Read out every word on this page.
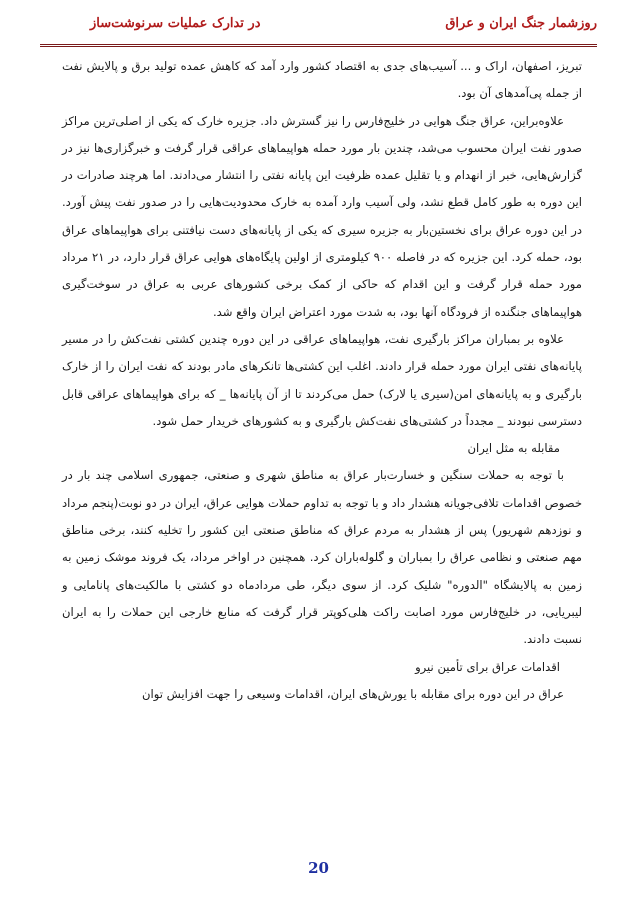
روزشمار جنگ ایران و عراق
در تدارک عملیات سرنوشت‌ساز

تبریز، اصفهان، اراک و ... آسیب‌های جدی به اقتصاد کشور وارد آمد که کاهش عمده تولید برق و پالایش نفت از جمله پی‌آمدهای آن بود.

علاوه‌براین، عراق جنگ هوایی در خلیج‌فارس را نیز گسترش داد. جزیره خارک که یکی از اصلی‌ترین مراکز صدور نفت ایران محسوب می‌شد، چندین بار مورد حمله هواپیماهای عراقی قرار گرفت و خبرگزاری‌ها نیز در گزارش‌هایی، خبر از انهدام و یا تقلیل عمده ظرفیت این پایانه نفتی را انتشار می‌دادند. اما هرچند صادرات در این دوره به طور کامل قطع نشد، ولی آسیب وارد آمده به خارک محدودیت‌هایی را در صدور نفت پیش آورد. در این دوره عراق برای نخستین‌بار به جزیره سیری که یکی از پایانه‌های دست نیافتنی برای هواپیماهای عراق بود، حمله کرد. این جزیره که در فاصله ۹۰۰ کیلومتری از اولین پایگاه‌های هوایی عراق قرار دارد، در ۲۱ مرداد مورد حمله قرار گرفت و این اقدام که حاکی از کمک برخی کشورهای عربی به عراق در سوخت‌گیری هواپیماهای جنگنده از فرودگاه آنها بود، به شدت مورد اعتراض ایران واقع شد.

علاوه بر بمباران مراکز بارگیری نفت، هواپیماهای عراقی در این دوره چندین کشتی نفت‌کش را در مسیر پایانه‌های نفتی ایران مورد حمله قرار دادند. اغلب این کشتی‌ها تانکرهای مادر بودند که نفت ایران را از خارک بارگیری و به پایانه‌های امن(سیری یا لارک) حمل می‌کردند تا از آن پایانه‌ها _ که برای هواپیماهای عراقی قابل دسترسی نبودند _ مجدداً در کشتی‌های نفت‌کش بارگیری و به کشورهای خریدار حمل شود.

مقابله به مثل ایران

با توجه به حملات سنگین و خسارت‌بار عراق به مناطق شهری و صنعتی، جمهوری اسلامی چند بار در خصوص اقدامات تلافی‌جویانه هشدار داد و با توجه به تداوم حملات هوایی عراق، ایران در دو نوبت(پنجم مرداد و نوزدهم شهریور) پس از هشدار به مردم عراق که مناطق صنعتی این کشور را تخلیه کنند، برخی مناطق مهم صنعتی و نظامی عراق را بمباران و گلوله‌باران کرد. همچنین در اواخر مرداد، یک فروند موشک زمین به زمین به پالایشگاه "الدوره" شلیک کرد. از سوی دیگر، طی مردادماه دو کشتی با مالکیت‌های پانامایی و لیبریایی، در خلیج‌فارس مورد اصابت راکت هلی‌کوپتر قرار گرفت که منابع خارجی این حملات را به ایران نسبت دادند.

اقدامات عراق برای تأمین نیرو

عراق در این دوره برای مقابله با یورش‌های ایران، اقدامات وسیعی را جهت افزایش توان

20
